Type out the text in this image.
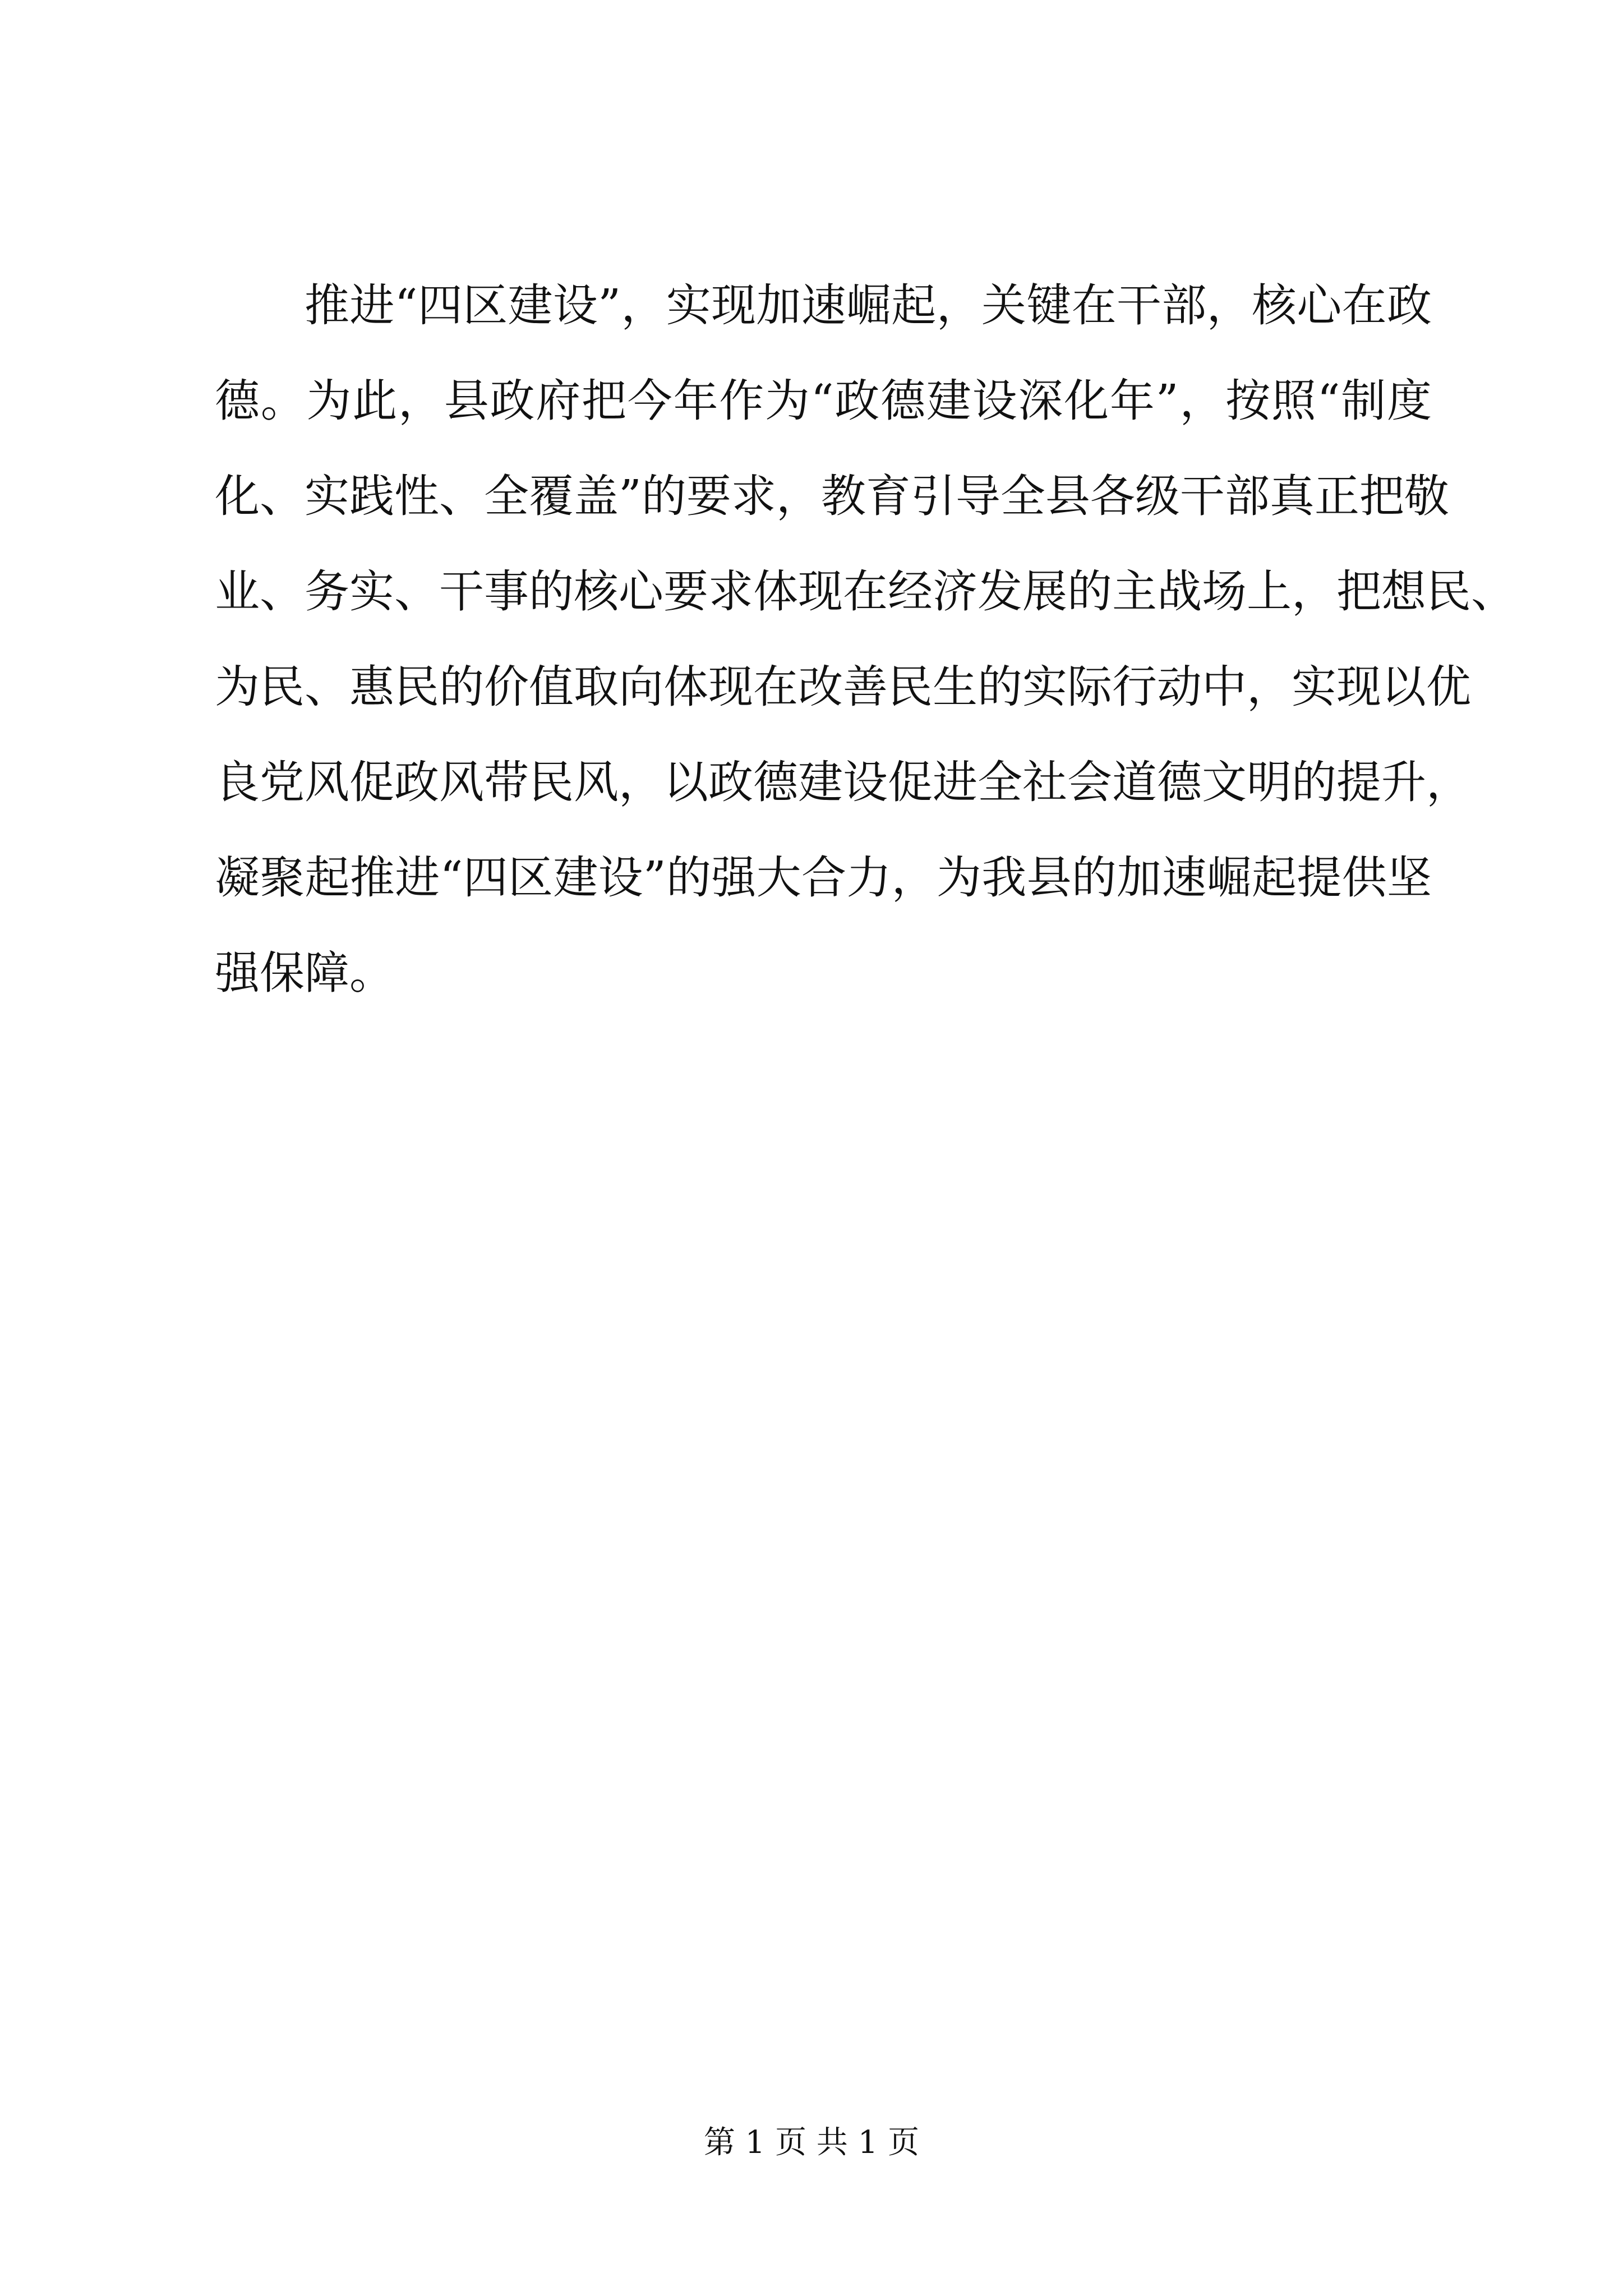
推进“四区建设”，实现加速崛起，关键在干部，核心在政
德。为此，县政府把今年作为“政德建设深化年”，按照“制度
化、实践性、全覆盖”的要求，教育引导全县各级干部真正把敬
业、务实、干事的核心要求体现在经济发展的主战场上，把想民、
为民、惠民的价值取向体现在改善民生的实际行动中，实现以优
良党风促政风带民风，以政德建设促进全社会道德文明的提升，
凝聚起推进“四区建设”的强大合力，为我县的加速崛起提供坚
强保障。
第 1 页 共 1 页
